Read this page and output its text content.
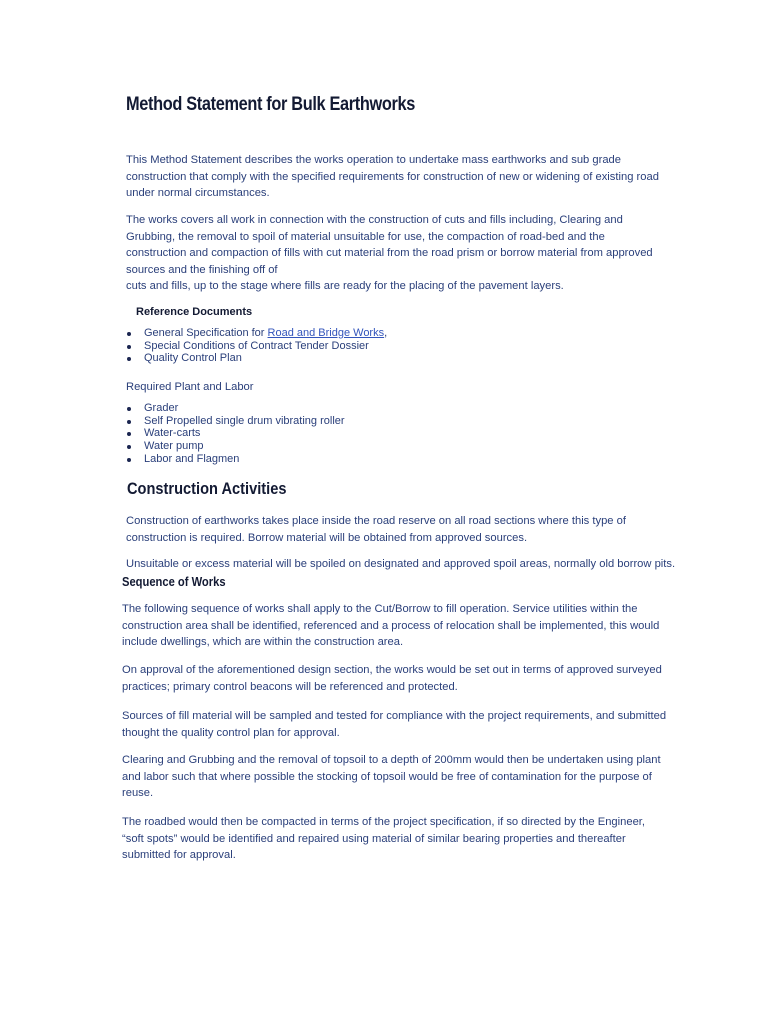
Method Statement for Bulk Earthworks

This Method Statement describes the works operation to undertake mass earthworks and sub grade
construction that comply with the specified requirements for construction of new or widening of existing road
under normal circumstances.

The works covers all work in connection with the construction of cuts and fills including, Clearing and
Grubbing, the removal to spoil of material unsuitable for use, the compaction of road-bed and the
construction and compaction of fills with cut material from the road prism or borrow material from approved
sources and the finishing off of
cuts and fills, up to the stage where fills are ready for the placing of the pavement layers.

Reference Documents
General Specification for Road and Bridge Works,
Special Conditions of Contract Tender Dossier
Quality Control Plan

Required Plant and Labor

Grader
Self Propelled single drum vibrating roller
Water-carts
Water pump
Labor and Flagmen
Construction Activities

Construction of earthworks takes place inside the road reserve on all road sections where this type of
construction is required. Borrow material will be obtained from approved sources.

Unsuitable or excess material will be spoiled on designated and approved spoil areas, normally old borrow pits.

Sequence of Works

The following sequence of works shall apply to the Cut/Borrow to fill operation. Service utilities within the
construction area shall be identified, referenced and a process of relocation shall be implemented, this would
include dwellings, which are within the construction area.

On approval of the aforementioned design section, the works would be set out in terms of approved surveyed
practices; primary control beacons will be referenced and protected.

Sources of fill material will be sampled and tested for compliance with the project requirements, and submitted
thought the quality control plan for approval.

Clearing and Grubbing and the removal of topsoil to a depth of 200mm would then be undertaken using plant
and labor such that where possible the stocking of topsoil would be free of contamination for the purpose of
reuse.

The roadbed would then be compacted in terms of the project specification, if so directed by the Engineer,
“soft spots” would be identified and repaired using material of similar bearing properties and thereafter
submitted for approval.
